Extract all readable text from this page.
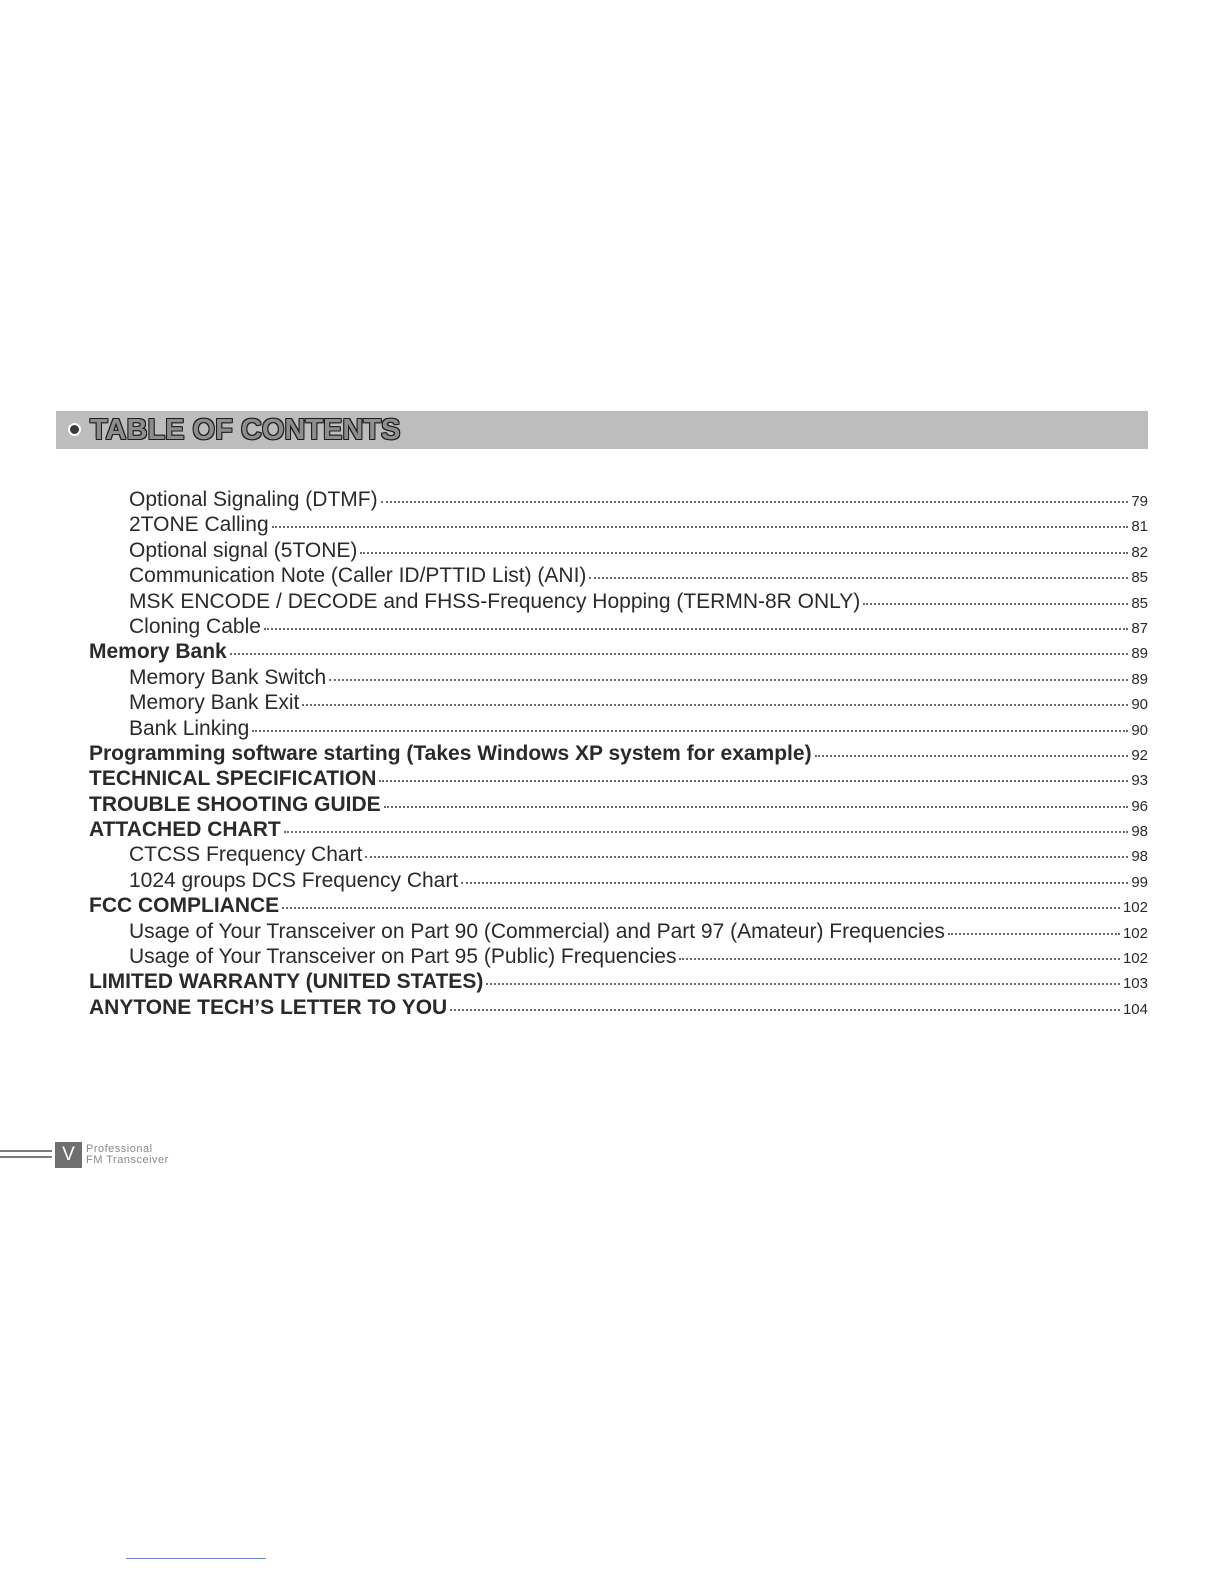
TABLE OF CONTENTS
Optional Signaling (DTMF)	79
2TONE Calling	81
Optional signal (5TONE)	82
Communication Note (Caller ID/PTTID List) (ANI)	85
MSK ENCODE / DECODE and FHSS-Frequency Hopping (TERMN-8R ONLY)	85
Cloning Cable	87
Memory Bank	89
Memory Bank Switch	89
Memory Bank Exit	90
Bank Linking	90
Programming software starting (Takes Windows XP system for example)	92
TECHNICAL SPECIFICATION	93
TROUBLE SHOOTING GUIDE	96
ATTACHED CHART	98
CTCSS Frequency Chart	98
1024 groups DCS Frequency Chart	99
FCC COMPLIANCE	102
Usage of Your Transceiver on Part 90 (Commercial) and Part 97 (Amateur) Frequencies	102
Usage of Your Transceiver on Part 95 (Public) Frequencies	102
LIMITED WARRANTY (UNITED STATES)	103
ANYTONE TECH’S LETTER TO YOU	104
V	Professional
FM Transceiver
